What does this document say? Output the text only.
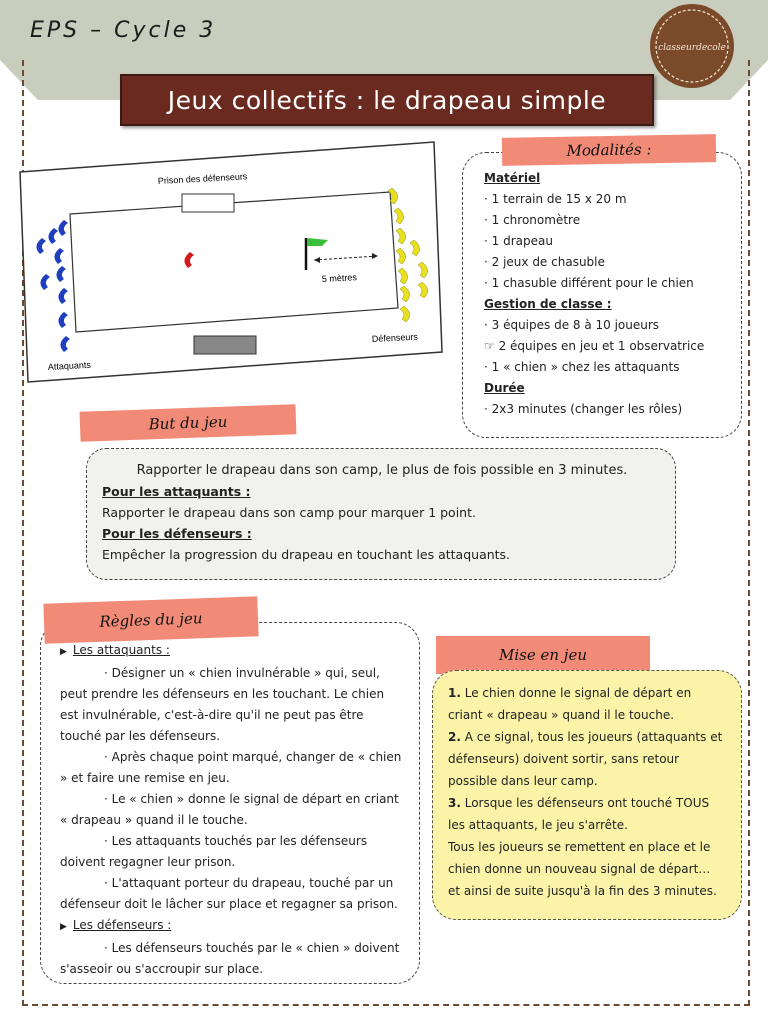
EPS – Cycle 3
classeurdecole
Jeux collectifs : le drapeau simple
Prison des défenseurs
5 mètres
Attaquants
Défenseurs
Modalités :
Matériel
· 1 terrain de 15 x 20 m
· 1 chronomètre
· 1 drapeau
· 2 jeux de chasuble
· 1 chasuble différent pour le chien
Gestion de classe :
· 3 équipes de 8 à 10 joueurs
☞ 2 équipes en jeu et 1 observatrice
· 1 « chien » chez les attaquants
Durée
· 2x3 minutes (changer les rôles)
But du jeu
Rapporter le drapeau dans son camp, le plus de fois possible en 3 minutes.
Pour les attaquants :
Rapporter le drapeau dans son camp pour marquer 1 point.
Pour les défenseurs :
Empêcher la progression du drapeau en touchant les attaquants.
Règles du jeu
▶ Les attaquants :
· Désigner un « chien invulnérable » qui, seul, peut prendre les défenseurs en les touchant. Le chien est invulnérable, c'est-à-dire qu'il ne peut pas être touché par les défenseurs.
· Après chaque point marqué, changer de « chien » et faire une remise en jeu.
· Le « chien » donne le signal de départ en criant « drapeau » quand il le touche.
· Les attaquants touchés par les défenseurs doivent regagner leur prison.
· L'attaquant porteur du drapeau, touché par un défenseur doit le lâcher sur place et regagner sa prison.
▶ Les défenseurs :
· Les défenseurs touchés par le « chien » doivent s'asseoir ou s'accroupir sur place.
Mise en jeu
1. Le chien donne le signal de départ en criant « drapeau » quand il le touche.
2. A ce signal, tous les joueurs (attaquants et défenseurs) doivent sortir, sans retour possible dans leur camp.
3. Lorsque les défenseurs ont touché TOUS les attaquants, le jeu s'arrête.
Tous les joueurs se remettent en place et le chien donne un nouveau signal de départ… et ainsi de suite jusqu'à la fin des 3 minutes.
